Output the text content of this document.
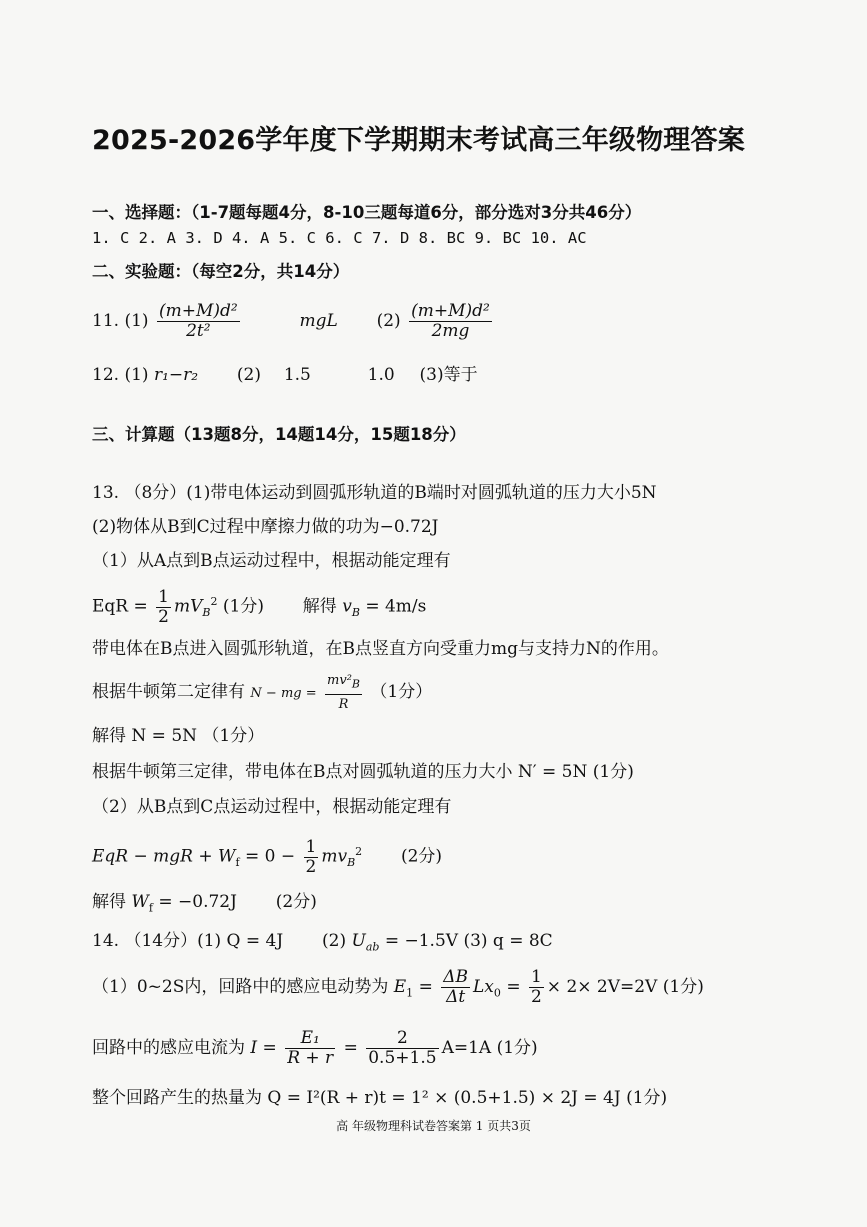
2025-2026学年度下学期期末考试高三年级物理答案
一、选择题：（1-7题每题4分，8-10三题每道6分，部分选对3分共46分）
1. C 2. A 3. D 4. A 5. C 6. C 7. D 8. BC 9. BC 10. AC
二、实验题：（每空2分，共14分）
11. $(1) \frac{\text{(m+M)d²}}{\text{2t²}}$	mgL $(2) \frac{\text{(m+M)d²}}{2mg}$
12. (1) r₁−r₂ (2) 1.5	1.0 (3)等于
三、计算题（13题8分，14题14分，15题18分）
13. （8分）(1)带电体运动到圆弧形轨道的B端时对圆弧轨道的压力大小5N
(2)物体从B到C过程中摩擦力做的功为−0.72J
（1）从A点到B点运动过程中，根据动能定理有
EqR = $\frac{1}{2} mV_B^2$ (1分) 解得 $v_B = 4m/s$
带电体在B点进入圆弧形轨道，在B点竖直方向受重力mg与支持力N的作用。
根据牛顿第二定律有 N − mg = $\frac{mv^2_B}{R} (1$分）
解得 N = 5N （1分）
根据牛顿第三定律，带电体在B点对圆弧轨道的压力大小 N′ = 5N (1分)
（2）从B点到C点运动过程中，根据动能定理有
EqR − mgR + $W_f = 0 - \frac{1}{2} mv_B^2$ (2分)
解得 $W_f = -0.72J$ (2分)
14. （14分）(1) Q = 4J (2) $U_{ab} = -1.5V$ (3) q = 8C
（1）0~2S内，回路中的感应电动势为 $E_1 = \frac{\Delta B}{\Delta t} Lx_0 = \frac{1}{2} \times 2\times 2V=2V$ (1分)
回路中的感应电流为 $I = \frac{\text{E₁}}{R + r} = \frac{2}{0.5+1.5} A=1A$ (1分)
整个回路产生的热量为 Q = I²(R + r)t = 1² × (0.5+1.5) × 2J = 4J (1分)
高 年级物理科试卷答案第 1 页共3页
